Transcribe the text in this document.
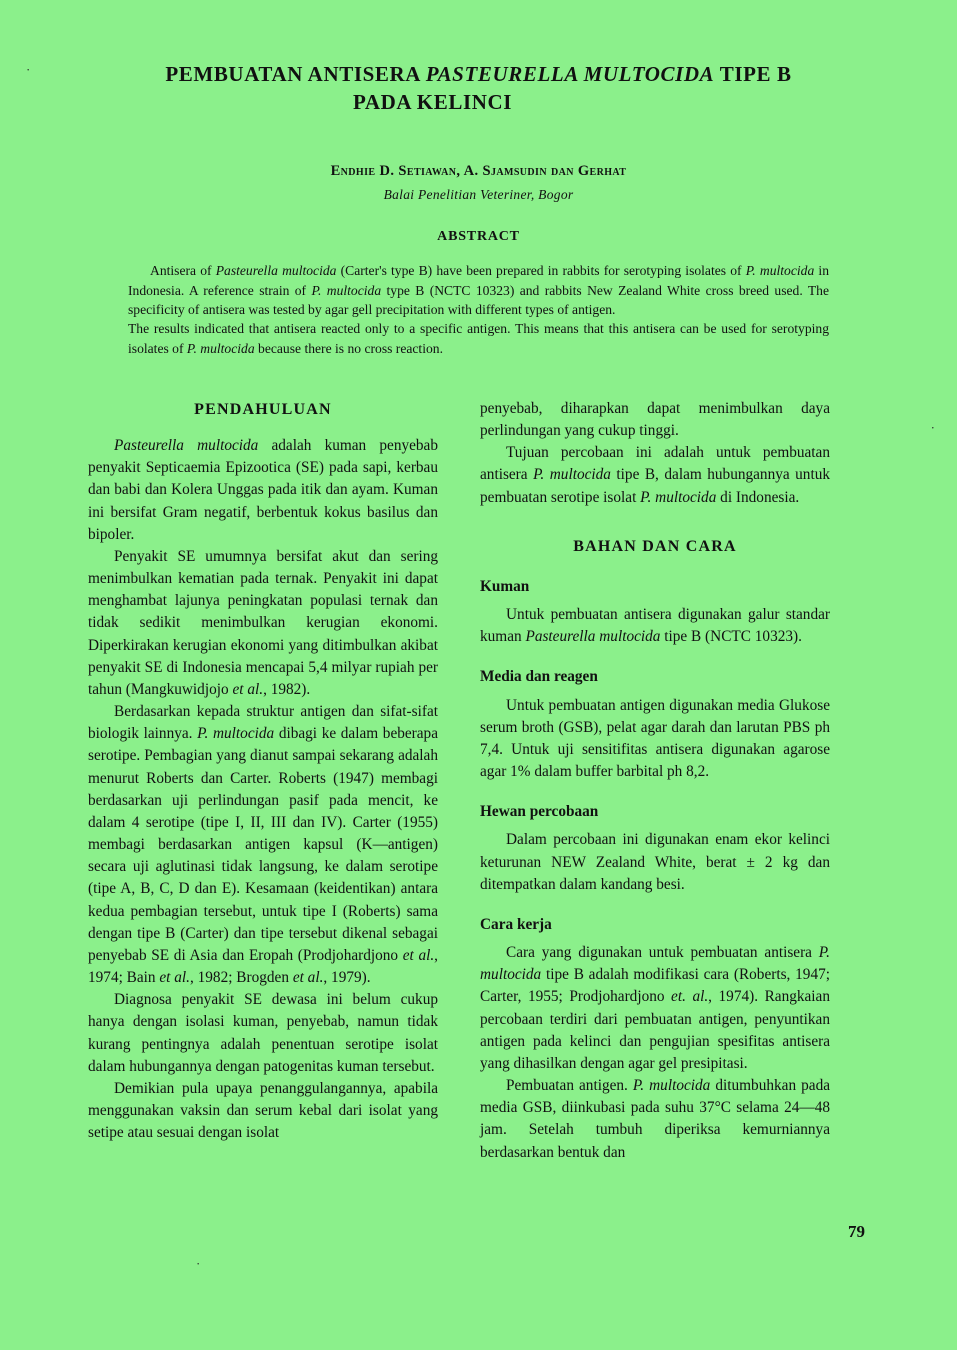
·
·
·
PEMBUATAN ANTISERA PASTEURELLA MULTOCIDA TIPE B
PADA KELINCI
Endhie D. Setiawan, A. Sjamsudin dan Gerhat
Balai Penelitian Veteriner, Bogor
ABSTRACT
Antisera of Pasteurella multocida (Carter's type B) have been prepared in rabbits for serotyping isolates of P. multocida in Indonesia. A reference strain of P. multocida type B (NCTC 10323) and rabbits New Zealand White cross breed used. The specificity of antisera was tested by agar gell precipitation with different types of antigen.
The results indicated that antisera reacted only to a specific antigen. This means that this antisera can be used for serotyping isolates of P. multocida because there is no cross reaction.
PENDAHULUAN

Pasteurella multocida adalah kuman penyebab penyakit Septicaemia Epizootica (SE) pada sapi, kerbau dan babi dan Kolera Unggas pada itik dan ayam. Kuman ini bersifat Gram negatif, berbentuk kokus basilus dan bipoler.

Penyakit SE umumnya bersifat akut dan sering menimbulkan kematian pada ternak. Penyakit ini dapat menghambat lajunya peningkatan populasi ternak dan tidak sedikit menimbulkan kerugian ekonomi. Diperkirakan kerugian ekonomi yang ditimbulkan akibat penyakit SE di Indonesia mencapai 5,4 milyar rupiah per tahun (Mangkuwidjojo et al., 1982).

Berdasarkan kepada struktur antigen dan sifat-sifat biologik lainnya. P. multocida dibagi ke dalam beberapa serotipe. Pembagian yang dianut sampai sekarang adalah menurut Roberts dan Carter. Roberts (1947) membagi berdasarkan uji perlindungan pasif pada mencit, ke dalam 4 serotipe (tipe I, II, III dan IV). Carter (1955) membagi berdasarkan antigen kapsul (K—antigen) secara uji aglutinasi tidak langsung, ke dalam serotipe (tipe A, B, C, D dan E). Kesamaan (keidentikan) antara kedua pembagian tersebut, untuk tipe I (Roberts) sama dengan tipe B (Carter) dan tipe tersebut dikenal sebagai penyebab SE di Asia dan Eropah (Prodjohardjono et al., 1974; Bain et al., 1982; Brogden et al., 1979).

Diagnosa penyakit SE dewasa ini belum cukup hanya dengan isolasi kuman, penyebab, namun tidak kurang pentingnya adalah penentuan serotipe isolat dalam hubungannya dengan patogenitas kuman tersebut.

Demikian pula upaya penanggulangannya, apabila menggunakan vaksin dan serum kebal dari isolat yang setipe atau sesuai dengan isolat

penyebab, diharapkan dapat menimbulkan daya perlindungan yang cukup tinggi.

Tujuan percobaan ini adalah untuk pembuatan antisera P. multocida tipe B, dalam hubungannya untuk pembuatan serotipe isolat P. multocida di Indonesia.

BAHAN DAN CARA
Kuman

Untuk pembuatan antisera digunakan galur standar kuman Pasteurella multocida tipe B (NCTC 10323).

Media dan reagen

Untuk pembuatan antigen digunakan media Glukose serum broth (GSB), pelat agar darah dan larutan PBS ph 7,4. Untuk uji sensitifitas antisera digunakan agarose agar 1% dalam buffer barbital ph 8,2.

Hewan percobaan

Dalam percobaan ini digunakan enam ekor kelinci keturunan NEW Zealand White, berat ± 2 kg dan ditempatkan dalam kandang besi.

Cara kerja

Cara yang digunakan untuk pembuatan antisera P. multocida tipe B adalah modifikasi cara (Roberts, 1947; Carter, 1955; Prodjohardjono et. al., 1974). Rangkaian percobaan terdiri dari pembuatan antigen, penyuntikan antigen pada kelinci dan pengujian spesifitas antisera yang dihasilkan dengan agar gel presipitasi.

Pembuatan antigen. P. multocida ditumbuhkan pada media GSB, diinkubasi pada suhu 37°C selama 24—48 jam. Setelah tumbuh diperiksa kemurniannya berdasarkan bentuk dan

79
